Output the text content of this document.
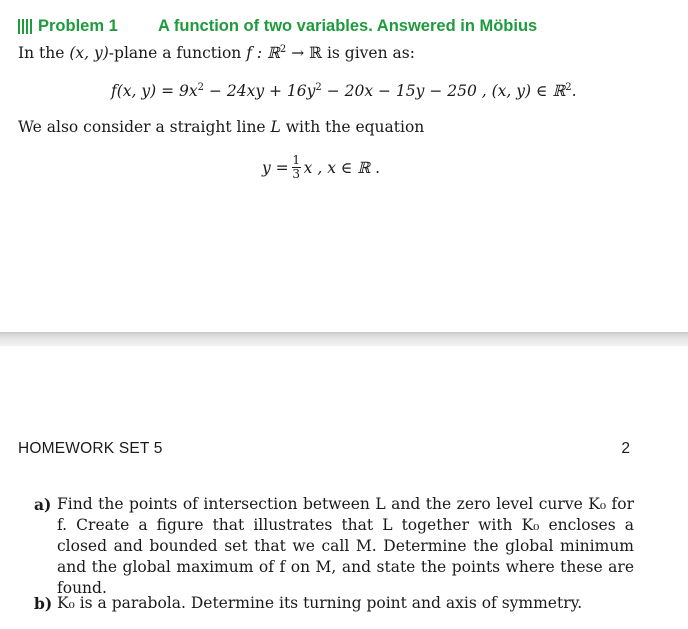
Problem 1 A function of two variables. Answered in Möbius
In the (x, y)-plane a function f : ℝ$^2$ → ℝ is given as:
f(x, $y) = 9x^2 - 24xy + 16y^2 - 20x - 15y - 250$ , (x, y) ∈ ℝ$^2$.
We also consider a straight line L with the equation
$y = \frac{1}{3}$ x , x ∈ ℝ .
HOMEWORK SET 5	2
a) Find the points of intersection between L and the zero level curve K₀ for f. Create a figure that illustrates that L together with K₀ encloses a closed and bounded set that we call M. Determine the global minimum and the global maximum of f on M, and state the points where these are found.
b) K₀ is a parabola. Determine its turning point and axis of symmetry.
